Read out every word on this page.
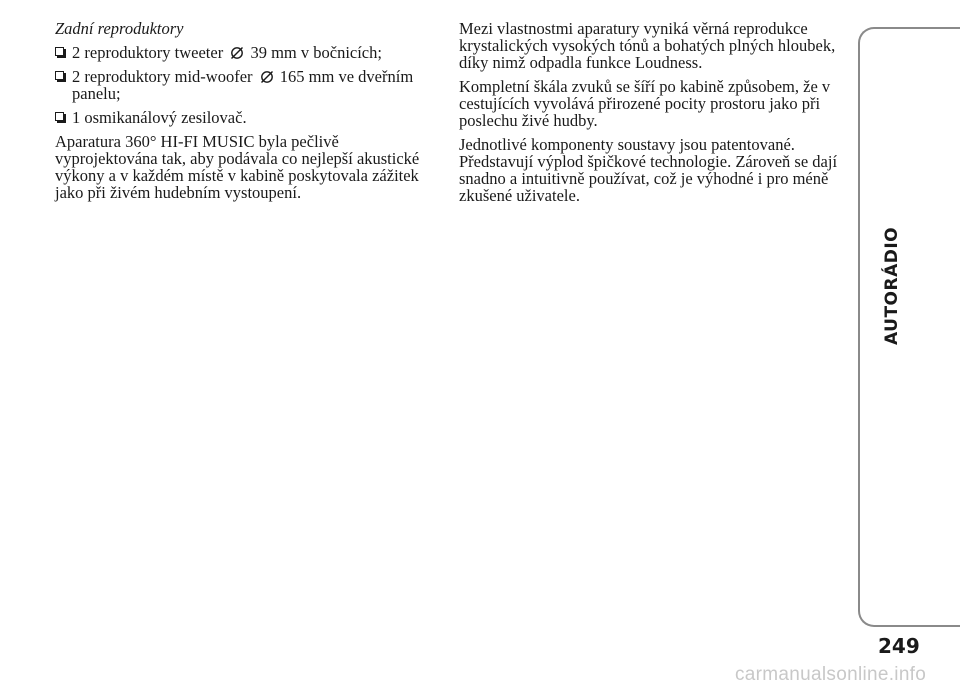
Zadní reproduktory
2 reproduktory tweeter 39 mm v bočnicích;
2 reproduktory mid-woofer 165 mm ve dveřním panelu;
1 osmikanálový zesilovač.
Aparatura 360° HI-FI MUSIC byla pečlivě vyprojektována tak, aby podávala co nejlepší akustické výkony a v každém místě v kabině poskytovala zážitek jako při živém hudebním vystoupení.
Mezi vlastnostmi aparatury vyniká věrná reprodukce krystalických vysokých tónů a bohatých plných hloubek, díky nimž odpadla funkce Loudness.
Kompletní škála zvuků se šíří po kabině způsobem, že v cestujících vyvolává přirozené pocity prostoru jako při poslechu živé hudby.
Jednotlivé komponenty soustavy jsou patentované. Představují výplod špičkové technologie. Zároveň se dají snadno a intuitivně používat, což je výhodné i pro méně zkušené uživatele.
AUTORÁDIO
249
carmanualsonline.info
